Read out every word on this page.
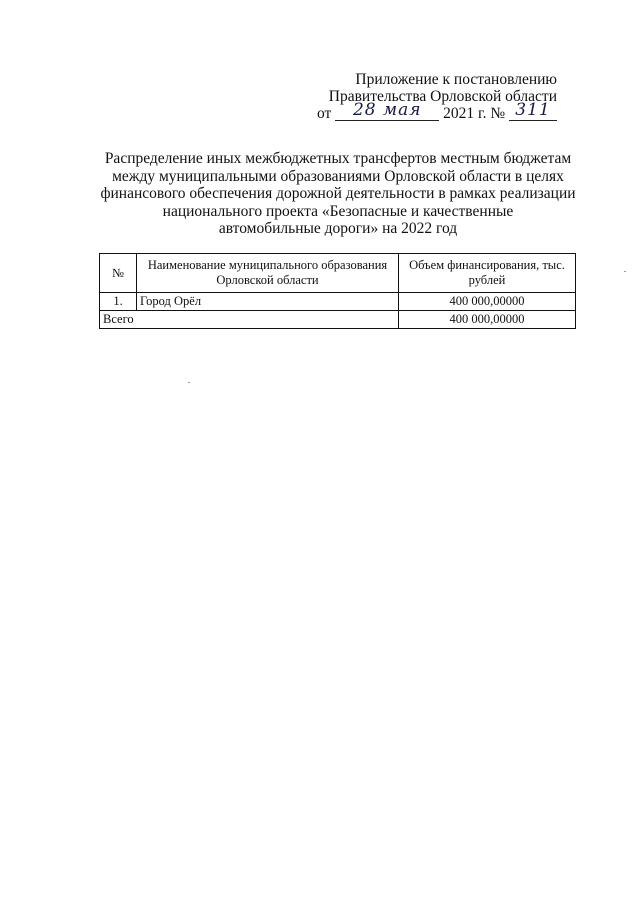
Приложение к постановлению
Правительства Орловской области
от 28 мая 2021 г. № 311
Распределение иных межбюджетных трансфертов местным бюджетам
между муниципальными образованиями Орловской области в целях
финансового обеспечения дорожной деятельности в рамках реализации
национального проекта «Безопасные и качественные
автомобильные дороги» на 2022 год
№	Наименование муниципального образования Орловской области	Объем финансирования, тыс. рублей
1.	Город Орёл	400 000,00000
Всего		400 000,00000
